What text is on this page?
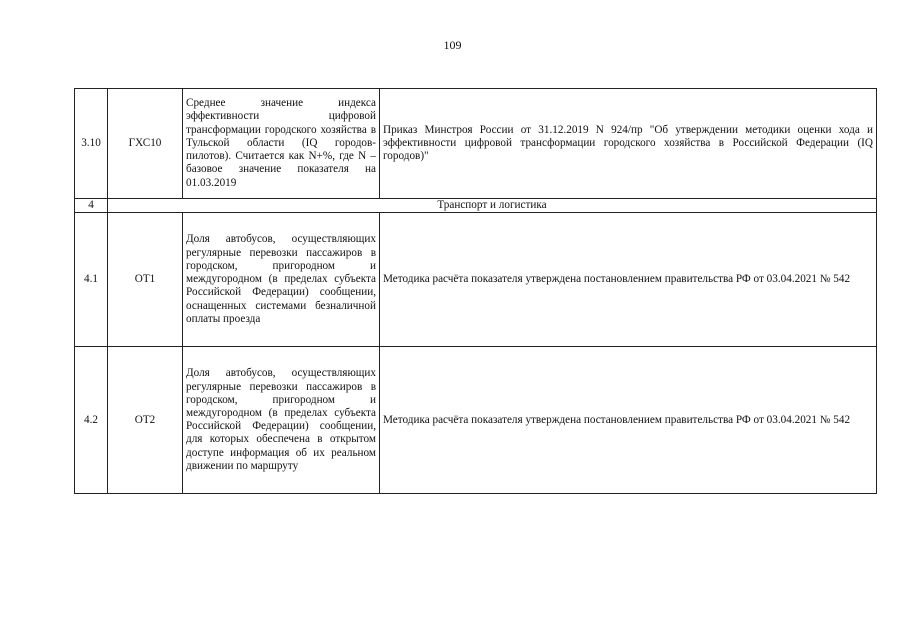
109
3.10	ГХС10	Среднее значение индекса эффективности цифровой трансформации городского хозяйства в Тульской области (IQ городов-пилотов). Считается как N+%, где N –базовое значение показателя на 01.03.2019	Приказ Минстроя России от 31.12.2019 N 924/пр "Об утверждении методики оценки хода и эффективности цифровой трансформации городского хозяйства в Российской Федерации (IQ городов)"
4	Транспорт и логистика		
4.1	ОТ1	Доля автобусов, осуществляющих регулярные перевозки пассажиров в городском, пригородном и междугородном (в пределах субъекта Российской Федерации) сообщении, оснащенных системами безналичной оплаты проезда	Методика расчёта показателя утверждена постановлением правительства РФ от 03.04.2021 № 542
4.2	ОТ2	Доля автобусов, осуществляющих регулярные перевозки пассажиров в городском, пригородном и междугородном (в пределах субъекта Российской Федерации) сообщении, для которых обеспечена в открытом доступе информация об их реальном движении по маршруту	Методика расчёта показателя утверждена постановлением правительства РФ от 03.04.2021 № 542
